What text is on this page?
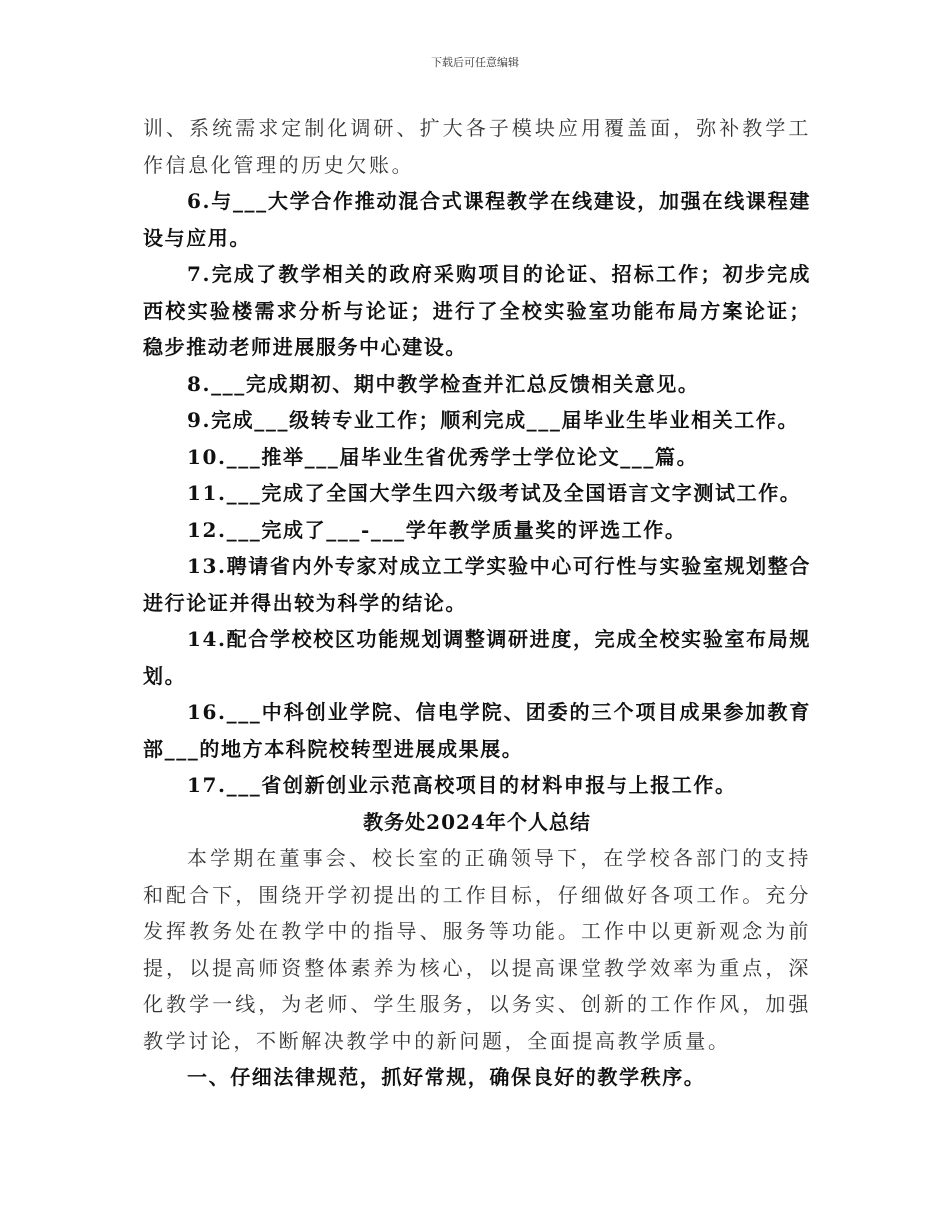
下载后可任意编辑

训、系统需求定制化调研、扩大各子模块应用覆盖面，弥补教学工作信息化管理的历史欠账。

6.与___大学合作推动混合式课程教学在线建设，加强在线课程建设与应用。

7.完成了教学相关的政府采购项目的论证、招标工作；初步完成西校实验楼需求分析与论证；进行了全校实验室功能布局方案论证；稳步推动老师进展服务中心建设。

8.___完成期初、期中教学检查并汇总反馈相关意见。

9.完成___级转专业工作；顺利完成___届毕业生毕业相关工作。

10.___推举___届毕业生省优秀学士学位论文___篇。

11.___完成了全国大学生四六级考试及全国语言文字测试工作。

12.___完成了___-___学年教学质量奖的评选工作。

13.聘请省内外专家对成立工学实验中心可行性与实验室规划整合进行论证并得出较为科学的结论。

14.配合学校校区功能规划调整调研进度，完成全校实验室布局规划。

16.___中科创业学院、信电学院、团委的三个项目成果参加教育部___的地方本科院校转型进展成果展。

17.___省创新创业示范高校项目的材料申报与上报工作。

教务处2024年个人总结

本学期在董事会、校长室的正确领导下，在学校各部门的支持和配合下，围绕开学初提出的工作目标，仔细做好各项工作。充分发挥教务处在教学中的指导、服务等功能。工作中以更新观念为前提，以提高师资整体素养为核心，以提高课堂教学效率为重点，深化教学一线，为老师、学生服务，以务实、创新的工作作风，加强教学讨论，不断解决教学中的新问题，全面提高教学质量。

一、仔细法律规范，抓好常规，确保良好的教学秩序。
